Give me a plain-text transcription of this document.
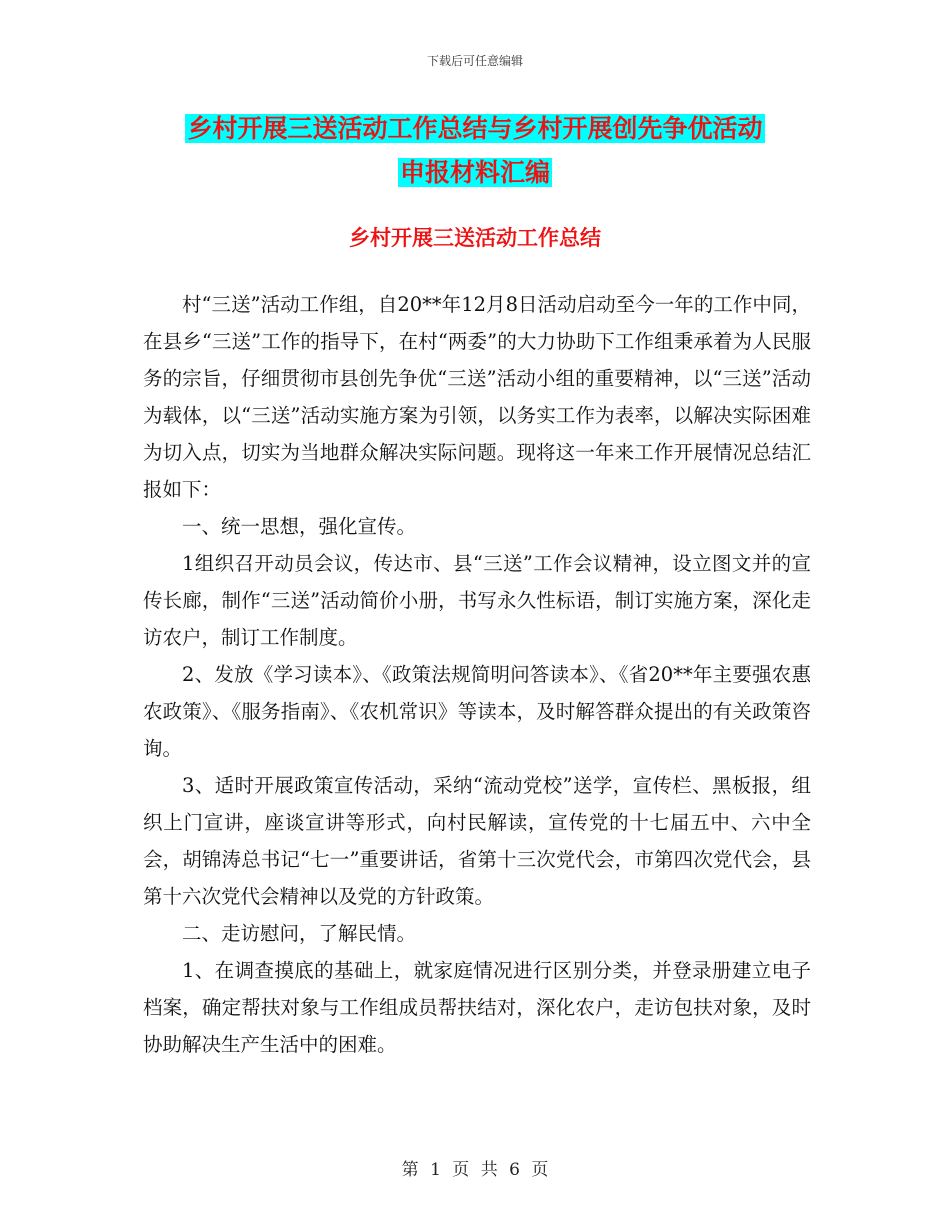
下载后可任意编辑
乡村开展三送活动工作总结与乡村开展创先争优活动
申报材料汇编
乡村开展三送活动工作总结

村“三送”活动工作组，自20**年12月8日活动启动至今一年的工作中同，在县乡“三送”工作的指导下，在村“两委”的大力协助下工作组秉承着为人民服务的宗旨，仔细贯彻市县创先争优“三送”活动小组的重要精神，以“三送”活动为载体，以“三送”活动实施方案为引领，以务实工作为表率，以解决实际困难为切入点，切实为当地群众解决实际问题。现将这一年来工作开展情况总结汇报如下：

一、统一思想，强化宣传。

1组织召开动员会议，传达市、县“三送”工作会议精神，设立图文并的宣传长廊，制作“三送”活动简价小册，书写永久性标语，制订实施方案，深化走访农户，制订工作制度。

2、发放《学习读本》、《政策法规简明问答读本》、《省20**年主要强农惠农政策》、《服务指南》、《农机常识》等读本，及时解答群众提出的有关政策咨询。

3、适时开展政策宣传活动，采纳“流动党校”送学，宣传栏、黑板报，组织上门宣讲，座谈宣讲等形式，向村民解读，宣传党的十七届五中、六中全会，胡锦涛总书记“七一”重要讲话，省第十三次党代会，市第四次党代会，县第十六次党代会精神以及党的方针政策。

二、走访慰问，了解民情。

1、在调查摸底的基础上，就家庭情况进行区别分类，并登录册建立电子档案，确定帮扶对象与工作组成员帮扶结对，深化农户，走访包扶对象，及时协助解决生产生活中的困难。

第 1 页 共 6 页
